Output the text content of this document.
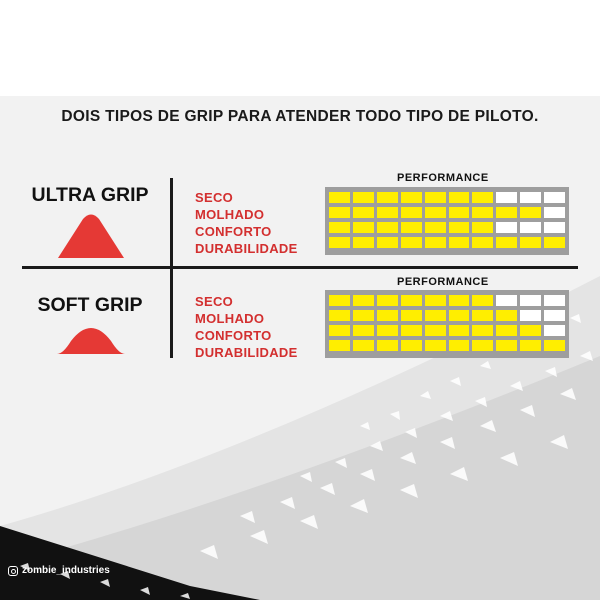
DOIS TIPOS DE GRIP PARA ATENDER TODO TIPO DE PILOTO.
ULTRA GRIP
SOFT GRIP
SECO
MOLHADO
CONFORTO
DURABILIDADE
PERFORMANCE
SECO
MOLHADO
CONFORTO
DURABILIDADE
PERFORMANCE
zombie_industries
